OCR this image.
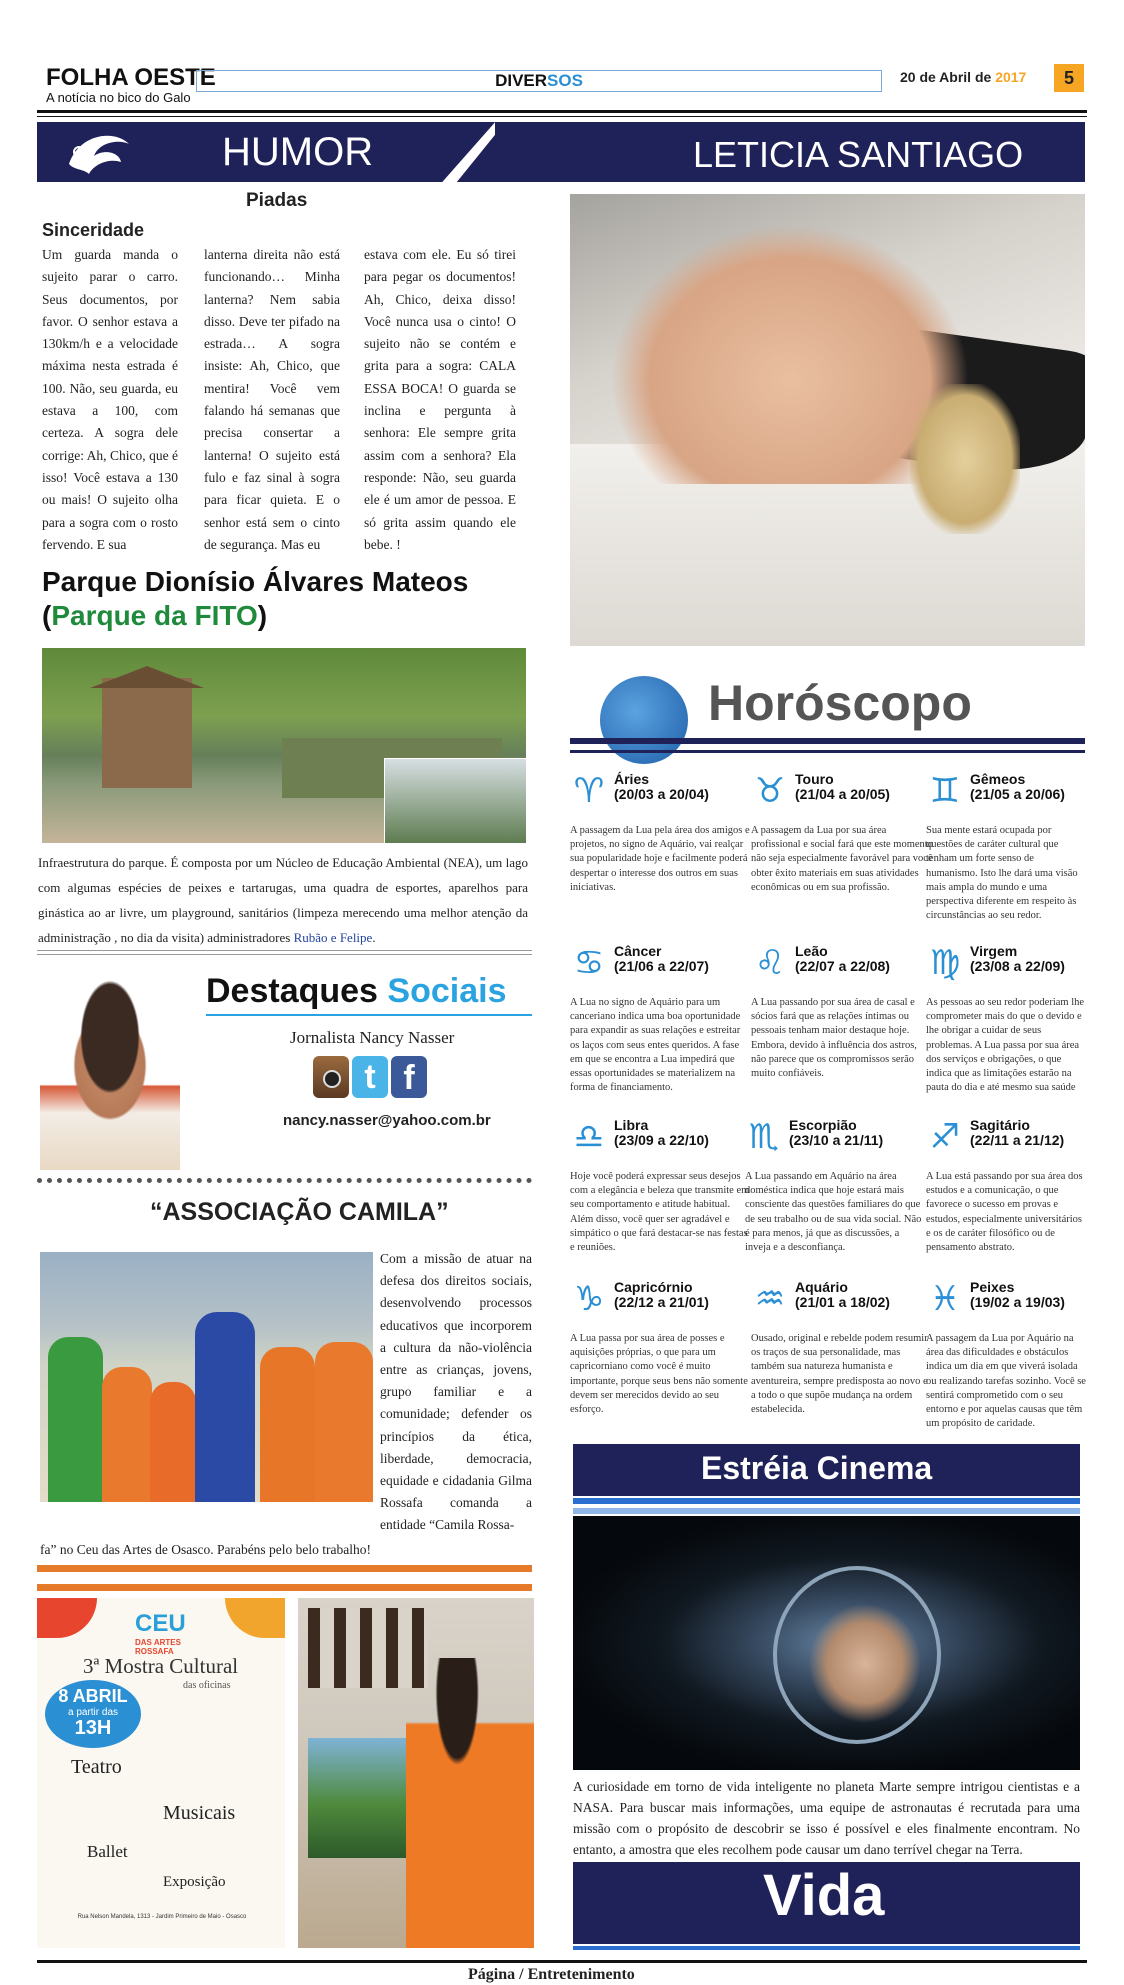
FOLHA OESTE
A notícia no bico do Galo
DIVERSOS	20 de Abril de 2017	5
HUMOR	LETICIA SANTIAGO
Piadas
Sinceridade
Um guarda manda o sujeito parar o carro. Seus documentos, por favor. O senhor estava a 130km/h e a velocidade máxima nesta estrada é 100. Não, seu guarda, eu estava a 100, com certeza. A sogra dele corrige: Ah, Chico, que é isso! Você estava a 130 ou mais! O sujeito olha para a sogra com o rosto fervendo. E sua
lanterna direita não está funcionando… Minha lanterna? Nem sabia disso. Deve ter pifado na estrada… A sogra insiste: Ah, Chico, que mentira! Você vem falando há semanas que precisa consertar a lanterna! O sujeito está fulo e faz sinal à sogra para ficar quieta. E o senhor está sem o cinto de segurança. Mas eu
estava com ele. Eu só tirei para pegar os documentos! Ah, Chico, deixa disso! Você nunca usa o cinto! O sujeito não se contém e grita para a sogra: CALA ESSA BOCA! O guarda se inclina e pergunta à senhora: Ele sempre grita assim com a senhora? Ela responde: Não, seu guarda ele é um amor de pessoa. E só grita assim quando ele bebe. !
Parque Dionísio Álvares Mateos
(Parque da FITO)
Infraestrutura do parque. É composta por um Núcleo de Educação Ambiental (NEA), um lago com algumas espécies de peixes e tartarugas, uma quadra de esportes, aparelhos para ginástica ao ar livre, um playground, sanitários (limpeza merecendo uma melhor atenção da administração , no dia da visita) administradores Rubão e Felipe.
Destaques Sociais
Jornalista Nancy Nasser
t f
nancy.nasser@yahoo.com.br
“ASSOCIAÇÃO CAMILA”
Com a missão de atuar na defesa dos direitos sociais, desenvolvendo processos educativos que incorporem a cultura da não-violência entre as crianças, jovens, grupo familiar e a comunidade; defender os princípios da ética, liberdade, democracia, equidade e cidadania Gilma Rossafa comanda a entidade “Camila Rossa-
fa” no Ceu das Artes de Osasco. Parabéns pelo belo trabalho!
CEU
DAS ARTES ROSSAFA
3ª Mostra Cultural
das oficinas
8 ABRIL
a partir das
13H
Teatro
Musicais
Ballet
Exposição
Rua Nelson Mandela, 1313 - Jardim Primeiro de Maio - Osasco
Horóscopo
♈ Áries
(20/03 a 20/04)
A passagem da Lua pela área dos amigos e projetos, no signo de Aquário, vai realçar sua popularidade hoje e facilmente poderá despertar o interesse dos outros em suas iniciativas.
♉ Touro
(21/04 a 20/05)
A passagem da Lua por sua área profissional e social fará que este momento não seja especialmente favorável para você obter êxito materiais em suas atividades econômicas ou em sua profissão.
♊ Gêmeos
(21/05 a 20/06)
Sua mente estará ocupada por questões de caráter cultural que tenham um forte senso de humanismo. Isto lhe dará uma visão mais ampla do mundo e uma perspectiva diferente em respeito às circunstâncias ao seu redor.
♋ Câncer
(21/06 a 22/07)
A Lua no signo de Aquário para um canceriano indica uma boa oportunidade para expandir as suas relações e estreitar os laços com seus entes queridos. A fase em que se encontra a Lua impedirá que essas oportunidades se materializem na forma de financiamento.
♌ Leão
(22/07 a 22/08)
A Lua passando por sua área de casal e sócios fará que as relações íntimas ou pessoais tenham maior destaque hoje. Embora, devido à influência dos astros, não parece que os compromissos serão muito confiáveis.
♍ Virgem
(23/08 a 22/09)
As pessoas ao seu redor poderiam lhe comprometer mais do que o devido e lhe obrigar a cuidar de seus problemas. A Lua passa por sua área dos serviços e obrigações, o que indica que as limitações estarão na pauta do dia e até mesmo sua saúde
♎ Libra
(23/09 a 22/10)
Hoje você poderá expressar seus desejos com a elegância e beleza que transmite em seu comportamento e atitude habitual. Além disso, você quer ser agradável e simpático o que fará destacar-se nas festas e reuniões.
♏ Escorpião
(23/10 a 21/11)
A Lua passando em Aquário na área doméstica indica que hoje estará mais consciente das questões familiares do que de seu trabalho ou de sua vida social. Não é para menos, já que as discussões, a inveja e a desconfiança.
♐ Sagitário
(22/11 a 21/12)
A Lua está passando por sua área dos estudos e a comunicação, o que favorece o sucesso em provas e estudos, especialmente universitários e os de caráter filosófico ou de pensamento abstrato.
♑ Capricórnio
(22/12 a 21/01)
A Lua passa por sua área de posses e aquisições próprias, o que para um capricorniano como você é muito importante, porque seus bens não somente devem ser merecidos devido ao seu esforço.
♒ Aquário
(21/01 a 18/02)
Ousado, original e rebelde podem resumir os traços de sua personalidade, mas também sua natureza humanista e aventureira, sempre predisposta ao novo e a todo o que supõe mudança na ordem estabelecida.
♓ Peixes
(19/02 a 19/03)
A passagem da Lua por Aquário na área das dificuldades e obstáculos indica um dia em que viverá isolada ou realizando tarefas sozinho. Você se sentirá comprometido com o seu entorno e por aquelas causas que têm um propósito de caridade.
Estréia Cinema
A curiosidade em torno de vida inteligente no planeta Marte sempre intrigou cientistas e a NASA. Para buscar mais informações, uma equipe de astronautas é recrutada para uma missão com o propósito de descobrir se isso é possível e eles finalmente encontram. No entanto, a amostra que eles recolhem pode causar um dano terrível chegar na Terra.
Vida
Página / Entretenimento
